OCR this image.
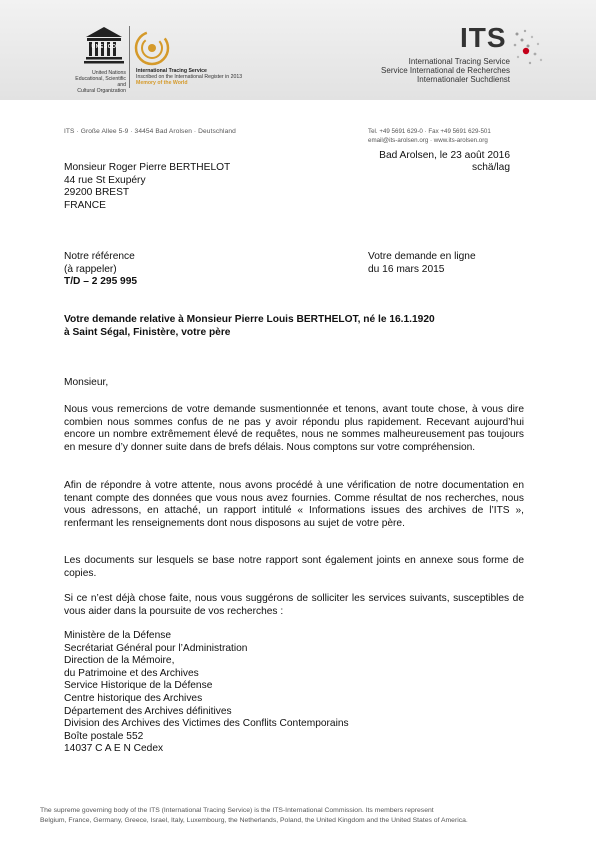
UNESCO
United Nations
Educational, Scientific and
Cultural Organization
International Tracing Service
Inscribed on the International Register in 2013
Memory of the World
ITS
International Tracing Service
Service International de Recherches
Internationaler Suchdienst
ITS · Große Allee 5-9 · 34454 Bad Arolsen · Deutschland	Tel. +49 5691 629-0 · Fax +49 5691 629-501
email@its-arolsen.org · www.its-arolsen.org
Bad Arolsen, le 23 août 2016
schä/lag
Monsieur Roger Pierre BERTHELOT
44 rue St Exupéry
29200 BREST
FRANCE
Notre référence
(à rappeler)
T/D – 2 295 995
Votre demande en ligne
du 16 mars 2015
Votre demande relative à Monsieur Pierre Louis BERTHELOT, né le 16.1.1920
à Saint Ségal, Finistère, votre père
Monsieur,
Nous vous remercions de votre demande susmentionnée et tenons, avant toute chose, à vous dire combien nous sommes confus de ne pas y avoir répondu plus rapidement. Recevant aujourd’hui encore un nombre extrêmement élevé de requêtes, nous ne sommes malheureusement pas toujours en mesure d’y donner suite dans de brefs délais. Nous comptons sur votre compréhension.
Afin de répondre à votre attente, nous avons procédé à une vérification de notre documentation en tenant compte des données que vous nous avez fournies. Comme résultat de nos recherches, nous vous adressons, en attaché, un rapport intitulé « Informations issues des archives de l’ITS », renfermant les renseignements dont nous disposons au sujet de votre père.
Les documents sur lesquels se base notre rapport sont également joints en annexe sous forme de copies.
Si ce n’est déjà chose faite, nous vous suggérons de solliciter les services suivants, susceptibles de vous aider dans la poursuite de vos recherches :
Ministère de la Défense
Secrétariat Général pour l’Administration
Direction de la Mémoire,
du Patrimoine et des Archives
Service Historique de la Défense
Centre historique des Archives
Département des Archives définitives
Division des Archives des Victimes des Conflits Contemporains
Boîte postale 552
14037 C A E N Cedex
The supreme governing body of the ITS (International Tracing Service) is the ITS-International Commission. Its members represent
Belgium, France, Germany, Greece, Israel, Italy, Luxembourg, the Netherlands, Poland, the United Kingdom and the United States of America.
